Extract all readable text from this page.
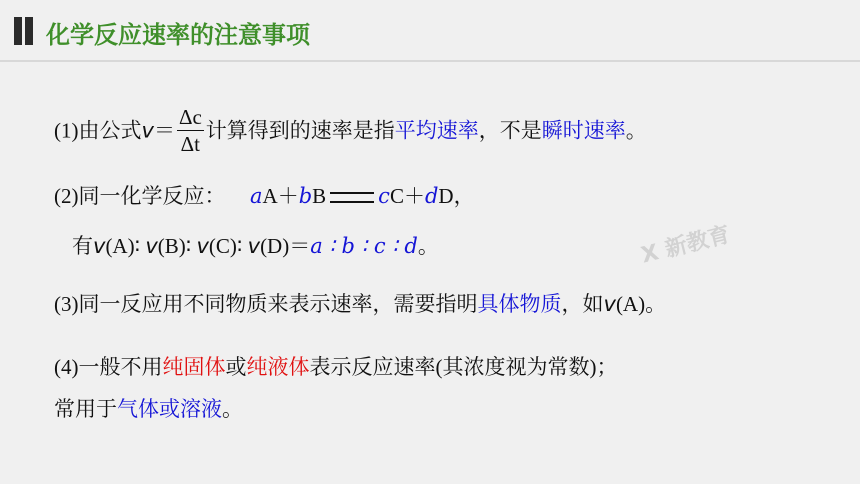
化学反应速率的注意事项
(1)由公式$v= \frac{\Delta c}{\Delta t}$ 计算得到的速率是指平均速率，不是瞬时速率。
(2)同一化学反应： aA＋bB cC＋dD，
有v(A)∶ v(B)∶ v(C)∶ v(D)＝a ∶ b ∶ c ∶ d。
(3)同一反应用不同物质来表示速率，需要指明具体物质，如v(A)。
(4)一般不用纯固体或纯液体表示反应速率(其浓度视为常数)；
常用于气体或溶液。
X 新教育
